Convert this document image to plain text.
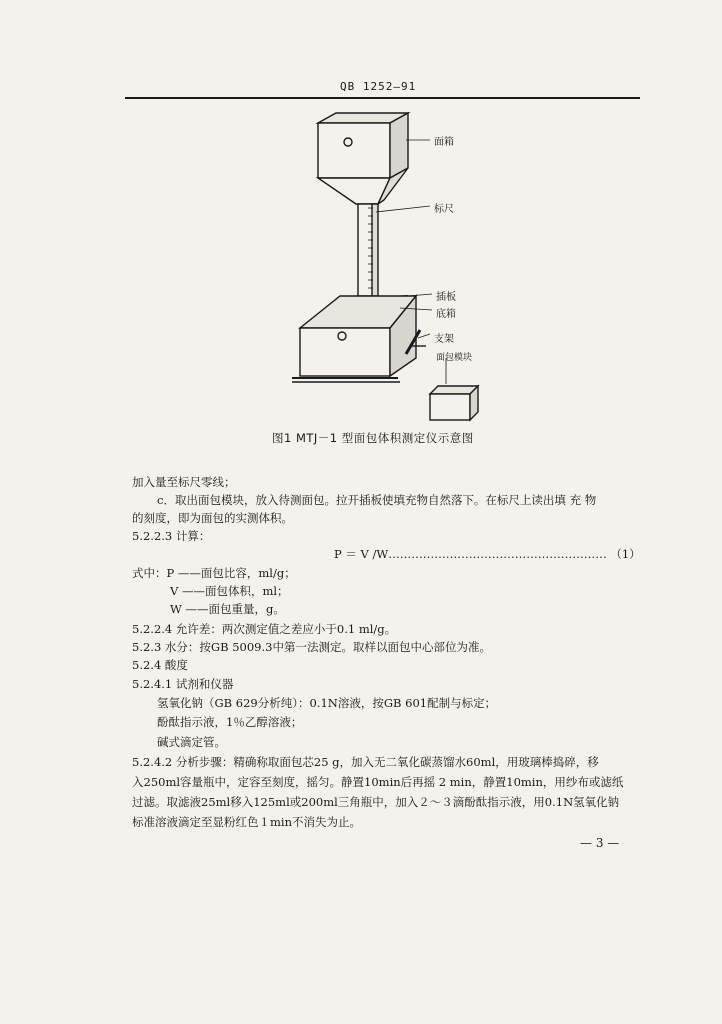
QB 1252—91
面箱
标尺
插板
底箱
支架
面包模块
图1 MTJ－1 型面包体积测定仪示意图
加入量至标尺零线；
c．取出面包模块，放入待测面包。拉开插板使填充物自然落下。在标尺上读出填 充 物
的刻度，即为面包的实测体积。
5.2.2.3 计算：
P ＝ V /W………………………………………………… （1）
式中：P ——面包比容，ml/g；
V ——面包体积，ml；
W ——面包重量，g。
5.2.2.4 允许差：两次测定值之差应小于0.1 ml/g。
5.2.3 水分：按GB 5009.3中第一法测定。取样以面包中心部位为准。
5.2.4 酸度
5.2.4.1 试剂和仪器
氢氧化钠（GB 629分析纯）：0.1N溶液，按GB 601配制与标定；
酚酞指示液，1％乙醇溶液；
碱式滴定管。
5.2.4.2 分析步骤：精确称取面包芯25 g，加入无二氧化碳蒸馏水60ml，用玻璃棒捣碎，移
入250ml容量瓶中，定容至刻度，摇匀。静置10min后再摇 2 min，静置10min，用纱布或滤纸
过滤。取滤液25ml移入125ml或200ml三角瓶中，加入２～３滴酚酞指示液，用0.1N氢氧化钠
标准溶液滴定至显粉红色１min不消失为止。
— 3 —
